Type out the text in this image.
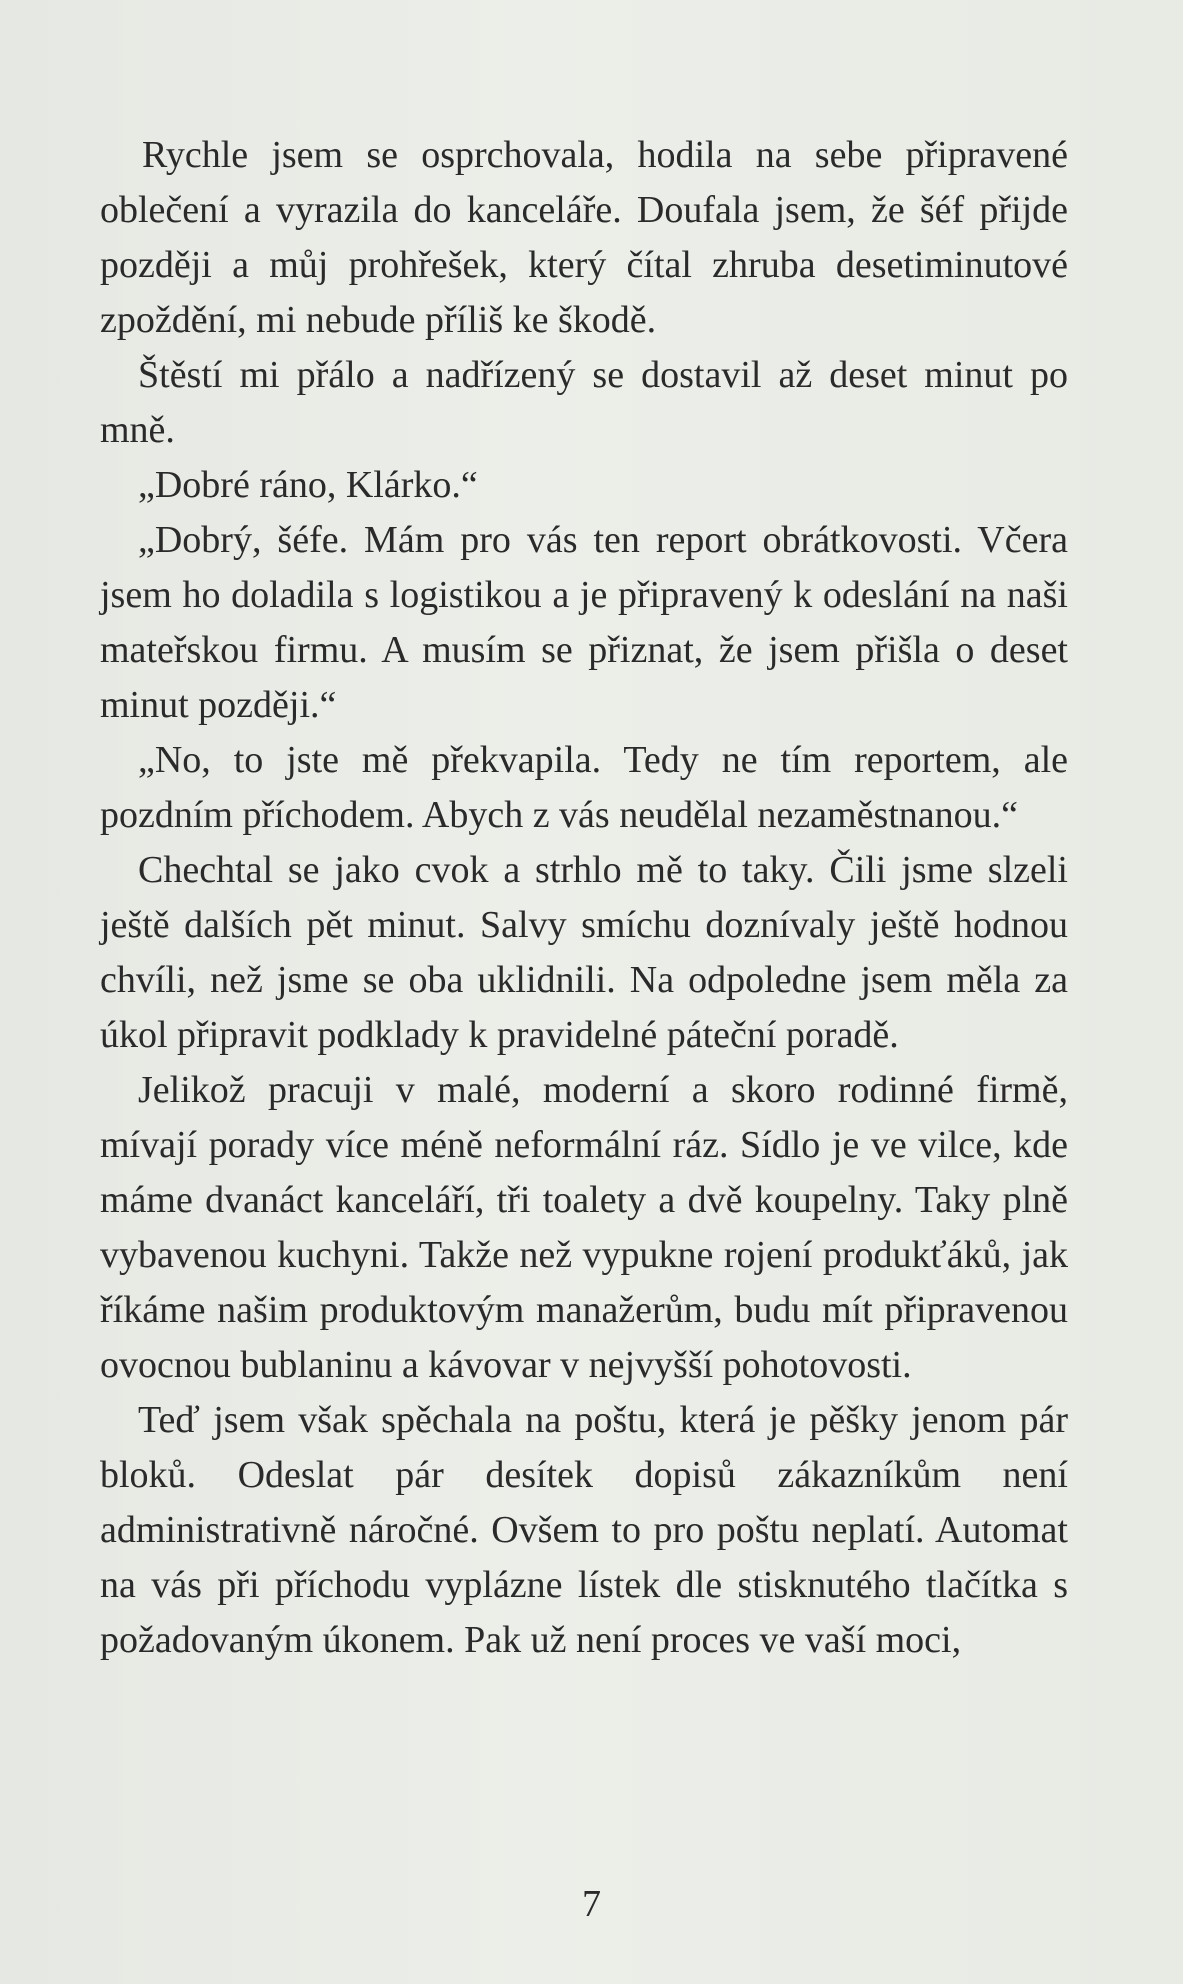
Rychle jsem se osprchovala, hodila na sebe připravené oblečení a vyrazila do kanceláře. Doufala jsem, že šéf přijde později a můj prohřešek, který čítal zhruba desetiminutové zpoždění, mi nebude příliš ke škodě.

Štěstí mi přálo a nadřízený se dostavil až deset minut po mně.

„Dobré ráno, Klárko.“

„Dobrý, šéfe. Mám pro vás ten report obrátkovosti. Včera jsem ho doladila s logistikou a je připravený k odeslání na naši mateřskou firmu. A musím se přiznat, že jsem přišla o deset minut později.“

„No, to jste mě překvapila. Tedy ne tím reportem, ale pozdním příchodem. Abych z vás neudělal nezaměstnanou.“

Chechtal se jako cvok a strhlo mě to taky. Čili jsme slzeli ještě dalších pět minut. Salvy smíchu doznívaly ještě hodnou chvíli, než jsme se oba uklidnili. Na odpoledne jsem měla za úkol připravit podklady k pravidelné páteční poradě.

Jelikož pracuji v malé, moderní a skoro rodinné firmě, mívají porady více méně neformální ráz. Sídlo je ve vilce, kde máme dvanáct kanceláří, tři toalety a dvě koupelny. Taky plně vybavenou kuchyni. Takže než vypukne rojení produkťáků, jak říkáme našim produktovým manažerům, budu mít připravenou ovocnou bublaninu a kávovar v nejvyšší pohotovosti.

Teď jsem však spěchala na poštu, která je pěšky jenom pár bloků. Odeslat pár desítek dopisů zákazníkům není administrativně náročné. Ovšem to pro poštu neplatí. Automat na vás při příchodu vyplázne lístek dle stisknutého tlačítka s požadovaným úkonem. Pak už není proces ve vaší moci,

7
